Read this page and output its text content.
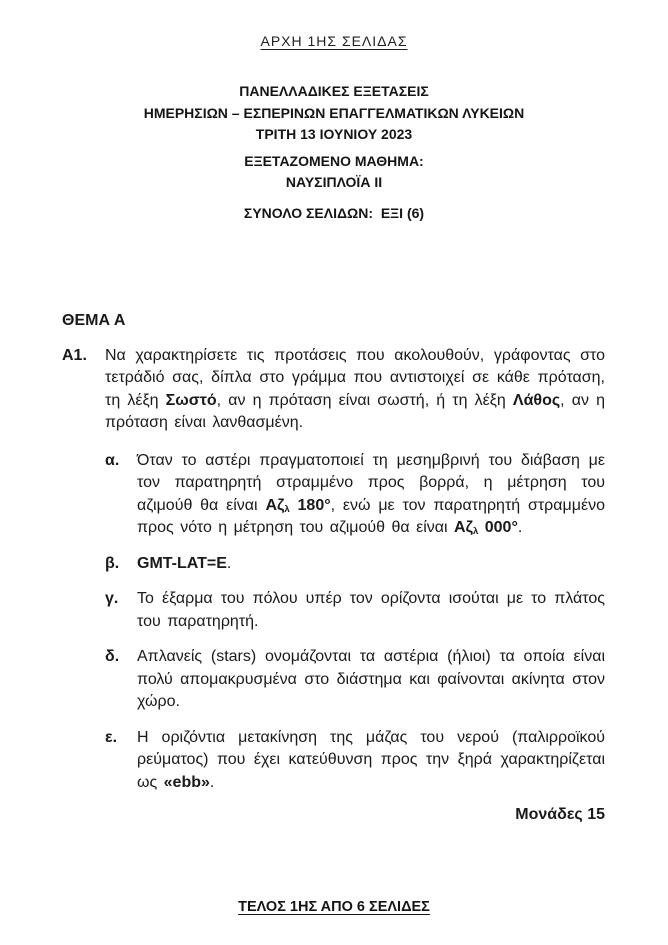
ΑΡΧΗ 1ΗΣ ΣΕΛΙΔΑΣ
ΠΑΝΕΛΛΑΔΙΚΕΣ ΕΞΕΤΑΣΕΙΣ
ΗΜΕΡΗΣΙΩΝ – ΕΣΠΕΡΙΝΩΝ ΕΠΑΓΓΕΛΜΑΤΙΚΩΝ ΛΥΚΕΙΩΝ
ΤΡΙΤΗ 13 ΙΟΥΝΙΟΥ 2023
ΕΞΕΤΑΖΟΜΕΝΟ ΜΑΘΗΜΑ:
ΝΑΥΣΙΠΛΟΪΑ ΙΙ
ΣΥΝΟΛΟ ΣΕΛΙΔΩΝ:  ΕΞΙ (6)
ΘΕΜΑ Α
Α1.	Να χαρακτηρίσετε τις προτάσεις που ακολουθούν, γράφοντας στο τετράδιό σας, δίπλα στο γράμμα που αντιστοιχεί σε κάθε πρόταση, τη λέξη Σωστό, αν η πρόταση είναι σωστή, ή τη λέξη Λάθος, αν η πρόταση είναι λανθασμένη.
α.	Όταν το αστέρι πραγματοποιεί τη μεσημβρινή του διάβαση με τον παρατηρητή στραμμένο προς βορρά, η μέτρηση του αζιμούθ θα είναι $A\zeta_\lambda$ 180°, ενώ με τον παρατηρητή στραμμένο προς νότο η μέτρηση του αζιμούθ θα είναι $A\zeta_\lambda$ 000°.
β.	GMT-LAT=E.
γ.	Το έξαρμα του πόλου υπέρ τον ορίζοντα ισούται με το πλάτος του παρατηρητή.
δ.	Απλανείς (stars) ονομάζονται τα αστέρια (ήλιοι) τα οποία είναι πολύ απομακρυσμένα στο διάστημα και φαίνονται ακίνητα στον χώρο.
ε.	Η οριζόντια μετακίνηση της μάζας του νερού (παλιρροϊκού ρεύματος) που έχει κατεύθυνση προς την ξηρά χαρακτηρίζεται ως «ebb».
Μονάδες 15
ΤΕΛΟΣ 1ΗΣ ΑΠΟ 6 ΣΕΛΙΔΕΣ
